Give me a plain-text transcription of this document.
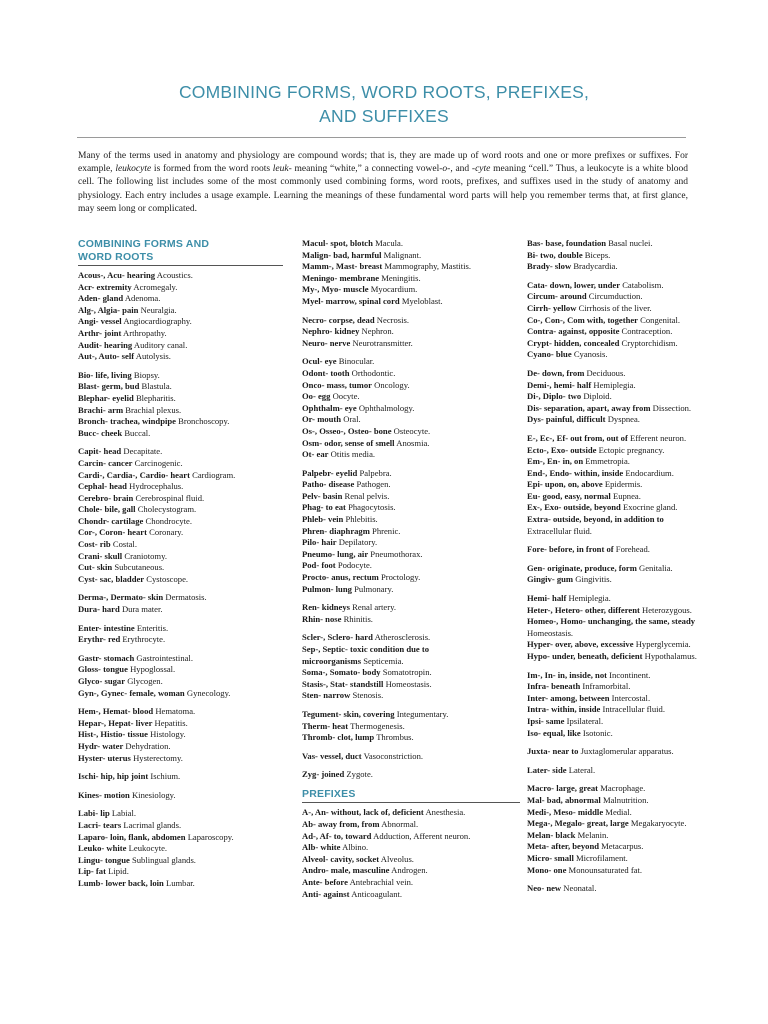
COMBINING FORMS, WORD ROOTS, PREFIXES,
AND SUFFIXES
Many of the terms used in anatomy and physiology are compound words; that is, they are made up of word roots and one or more prefixes or suffixes. For example, leukocyte is formed from the word roots leuk- meaning “white,” a connecting vowel-o-, and -cyte meaning “cell.” Thus, a leukocyte is a white blood cell. The following list includes some of the most commonly used combining forms, word roots, prefixes, and suffixes used in the study of anatomy and physiology. Each entry includes a usage example. Learning the meanings of these fundamental word parts will help you remember terms that, at first glance, may seem long or complicated.
COMBINING FORMS AND
WORD ROOTS
Acous-, Acu- hearing Acoustics.
Acr- extremity Acromegaly.
Aden- gland Adenoma.
Alg-, Algia- pain Neuralgia.
Angi- vessel Angiocardiography.
Arthr- joint Arthropathy.
Audit- hearing Auditory canal.
Aut-, Auto- self Autolysis.
Bio- life, living Biopsy.
Blast- germ, bud Blastula.
Blephar- eyelid Blepharitis.
Brachi- arm Brachial plexus.
Bronch- trachea, windpipe Bronchoscopy.
Bucc- cheek Buccal.
Capit- head Decapitate.
Carcin- cancer Carcinogenic.
Cardi-, Cardia-, Cardio- heart Cardiogram.
Cephal- head Hydrocephalus.
Cerebro- brain Cerebrospinal fluid.
Chole- bile, gall Cholecystogram.
Chondr- cartilage Chondrocyte.
Cor-, Coron- heart Coronary.
Cost- rib Costal.
Crani- skull Craniotomy.
Cut- skin Subcutaneous.
Cyst- sac, bladder Cystoscope.
Derma-, Dermato- skin Dermatosis.
Dura- hard Dura mater.
Enter- intestine Enteritis.
Erythr- red Erythrocyte.
Gastr- stomach Gastrointestinal.
Gloss- tongue Hypoglossal.
Glyco- sugar Glycogen.
Gyn-, Gynec- female, woman Gynecology.
Hem-, Hemat- blood Hematoma.
Hepar-, Hepat- liver Hepatitis.
Hist-, Histio- tissue Histology.
Hydr- water Dehydration.
Hyster- uterus Hysterectomy.
Ischi- hip, hip joint Ischium.
Kines- motion Kinesiology.
Labi- lip Labial.
Lacri- tears Lacrimal glands.
Laparo- loin, flank, abdomen Laparoscopy.
Leuko- white Leukocyte.
Lingu- tongue Sublingual glands.
Lip- fat Lipid.
Lumb- lower back, loin Lumbar.
Macul- spot, blotch Macula.
Malign- bad, harmful Malignant.
Mamm-, Mast- breast Mammography, Mastitis.
Meningo- membrane Meningitis.
My-, Myo- muscle Myocardium.
Myel- marrow, spinal cord Myeloblast.
Necro- corpse, dead Necrosis.
Nephro- kidney Nephron.
Neuro- nerve Neurotransmitter.
Ocul- eye Binocular.
Odont- tooth Orthodontic.
Onco- mass, tumor Oncology.
Oo- egg Oocyte.
Ophthalm- eye Ophthalmology.
Or- mouth Oral.
Os-, Osseo-, Osteo- bone Osteocyte.
Osm- odor, sense of smell Anosmia.
Ot- ear Otitis media.
Palpebr- eyelid Palpebra.
Patho- disease Pathogen.
Pelv- basin Renal pelvis.
Phag- to eat Phagocytosis.
Phleb- vein Phlebitis.
Phren- diaphragm Phrenic.
Pilo- hair Depilatory.
Pneumo- lung, air Pneumothorax.
Pod- foot Podocyte.
Procto- anus, rectum Proctology.
Pulmon- lung Pulmonary.
Ren- kidneys Renal artery.
Rhin- nose Rhinitis.
Scler-, Sclero- hard Atherosclerosis.
Sep-, Septic- toxic condition due to
microorganisms Septicemia.
Soma-, Somato- body Somatotropin.
Stasis-, Stat- standstill Homeostasis.
Sten- narrow Stenosis.
Tegument- skin, covering Integumentary.
Therm- heat Thermogenesis.
Thromb- clot, lump Thrombus.
Vas- vessel, duct Vasoconstriction.
Zyg- joined Zygote.
PREFIXES
A-, An- without, lack of, deficient Anesthesia.
Ab- away from, from Abnormal.
Ad-, Af- to, toward Adduction, Afferent neuron.
Alb- white Albino.
Alveol- cavity, socket Alveolus.
Andro- male, masculine Androgen.
Ante- before Antebrachial vein.
Anti- against Anticoagulant.
Bas- base, foundation Basal nuclei.
Bi- two, double Biceps.
Brady- slow Bradycardia.
Cata- down, lower, under Catabolism.
Circum- around Circumduction.
Cirrh- yellow Cirrhosis of the liver.
Co-, Con-, Com with, together Congenital.
Contra- against, opposite Contraception.
Crypt- hidden, concealed Cryptorchidism.
Cyano- blue Cyanosis.
De- down, from Deciduous.
Demi-, hemi- half Hemiplegia.
Di-, Diplo- two Diploid.
Dis- separation, apart, away from Dissection.
Dys- painful, difficult Dyspnea.
E-, Ec-, Ef- out from, out of Efferent neuron.
Ecto-, Exo- outside Ectopic pregnancy.
Em-, En- in, on Emmetropia.
End-, Endo- within, inside Endocardium.
Epi- upon, on, above Epidermis.
Eu- good, easy, normal Eupnea.
Ex-, Exo- outside, beyond Exocrine gland.
Extra- outside, beyond, in addition to
Extracellular fluid.
Fore- before, in front of Forehead.
Gen- originate, produce, form Genitalia.
Gingiv- gum Gingivitis.
Hemi- half Hemiplegia.
Heter-, Hetero- other, different Heterozygous.
Homeo-, Homo- unchanging, the same, steady
Homeostasis.
Hyper- over, above, excessive Hyperglycemia.
Hypo- under, beneath, deficient Hypothalamus.
Im-, In- in, inside, not Incontinent.
Infra- beneath Inframorbital.
Inter- among, between Intercostal.
Intra- within, inside Intracellular fluid.
Ipsi- same Ipsilateral.
Iso- equal, like Isotonic.
Juxta- near to Juxtaglomerular apparatus.
Later- side Lateral.
Macro- large, great Macrophage.
Mal- bad, abnormal Malnutrition.
Medi-, Meso- middle Medial.
Mega-, Megalo- great, large Megakaryocyte.
Melan- black Melanin.
Meta- after, beyond Metacarpus.
Micro- small Microfilament.
Mono- one Monounsaturated fat.
Neo- new Neonatal.
